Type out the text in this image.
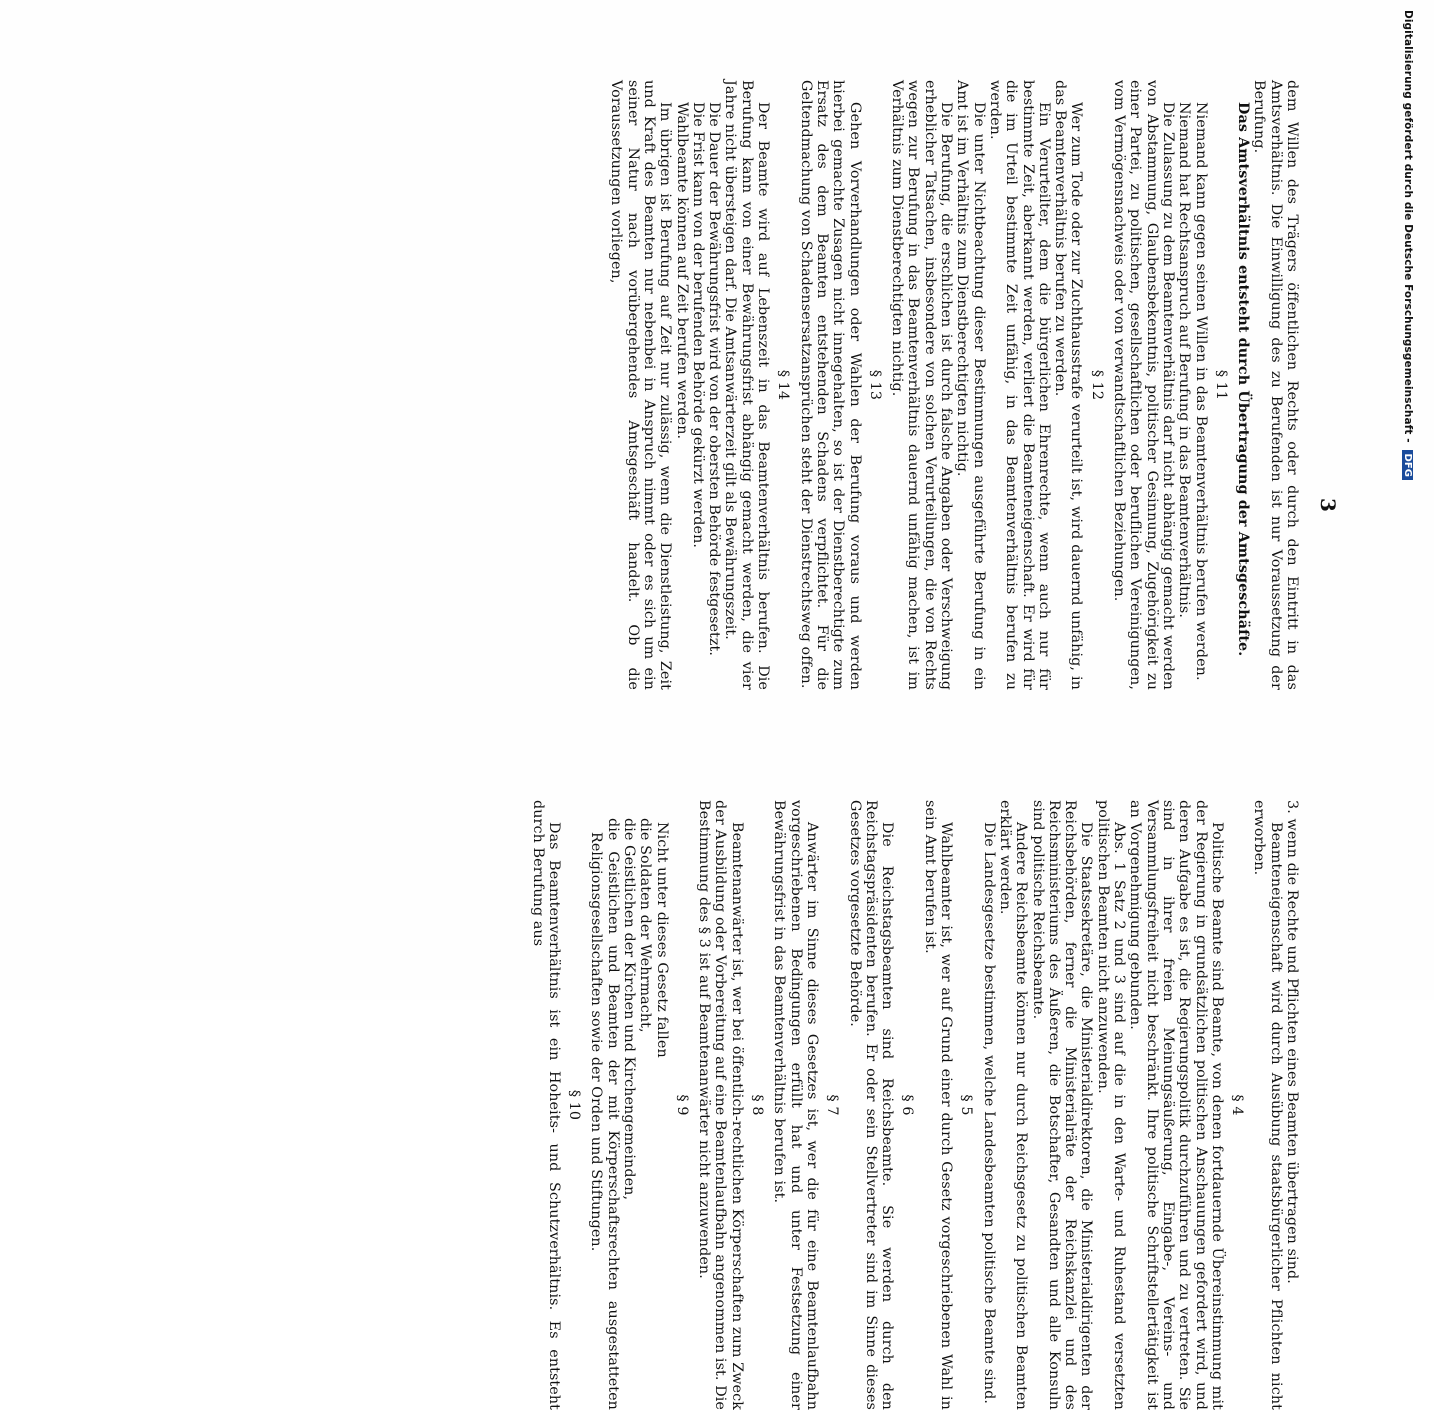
3

3. wenn die Rechte und Pflichten eines Beamten übertragen sind.

Beamteneigenschaft wird durch Ausübung staatsbürgerlicher Pflichten nicht erworben.

§ 4

Politische Beamte sind Beamte, von denen fortdauernde Übereinstimmung mit der Regierung in grundsätzlichen politischen Anschauungen gefordert wird, und deren Aufgabe es ist, die Regierungspolitik durchzuführen und zu vertreten. Sie sind in ihrer freien Meinungsäußerung, Eingabe-, Vereins- und Versammlungsfreiheit nicht beschränkt. Ihre politische Schriftstellertätigkeit ist an Vorgenehmigung gebunden.

Abs. 1 Satz 2 und 3 sind auf die in den Warte- und Ruhestand versetzten politischen Beamten nicht anzuwenden.

Die Staatssekretäre, die Ministerialdirektoren, die Ministerialdirigenten der Reichsbehörden, ferner die Ministerialräte der Reichskanzlei und des Reichsministeriums des Äußeren, die Botschafter, Gesandten und alle Konsuln sind politische Reichsbeamte.

Andere Reichsbeamte können nur durch Reichsgesetz zu politischen Beamten erklärt werden.

Die Landesgesetze bestimmen, welche Landesbeamten politische Beamte sind.

§ 5

Wahlbeamter ist, wer auf Grund einer durch Gesetz vorgeschriebenen Wahl in sein Amt berufen ist.

§ 6

Die Reichstagsbeamten sind Reichsbeamte. Sie werden durch den Reichstagspräsidenten berufen. Er oder sein Stellvertreter sind im Sinne dieses Gesetzes vorgesetzte Behörde.

§ 7

Anwärter im Sinne dieses Gesetzes ist, wer die für eine Beamtenlaufbahn vorgeschriebenen Bedingungen erfüllt hat und unter Festsetzung einer Bewährungsfrist in das Beamtenverhältnis berufen ist.

§ 8

Beamtenanwärter ist, wer bei öffentlich-rechtlichen Körperschaften zum Zweck der Ausbildung oder Vorbereitung auf eine Beamtenlaufbahn angenommen ist. Die Bestimmung des § 3 ist auf Beamtenanwärter nicht anzuwenden.

§ 9

Nicht unter dieses Gesetz fallen

die Soldaten der Wehrmacht,
die Geistlichen der Kirchen und Kirchengemeinden,
die Geistlichen und Beamten der mit Körperschaftsrechten ausgestatteten Religionsgesellschaften sowie der Orden und Stiftungen.
§ 10

Das Beamtenverhältnis ist ein Hoheits- und Schutzverhältnis. Es entsteht durch Berufung aus

dem Willen des Trägers öffentlichen Rechts oder durch den Eintritt in das Amtsverhältnis. Die Einwilligung des zu Berufenden ist nur Voraussetzung der Berufung.

Das Amtsverhältnis entsteht durch Übertragung der Amtsgeschäfte.

§ 11

Niemand kann gegen seinen Willen in das Beamtenverhältnis berufen werden.

Niemand hat Rechtsanspruch auf Berufung in das Beamtenverhältnis.

Die Zulassung zu dem Beamtenverhältnis darf nicht abhängig gemacht werden von Abstammung, Glaubensbekenntnis, politischer Gesinnung, Zugehörigkeit zu einer Partei, zu politischen, gesellschaftlichen oder beruflichen Vereinigungen, vom Vermögensnachweis oder von verwandtschaftlichen Beziehungen.

§ 12

Wer zum Tode oder zur Zuchthausstrafe verurteilt ist, wird dauernd unfähig, in das Beamtenverhältnis berufen zu werden.

Ein Verurteilter, dem die bürgerlichen Ehrenrechte, wenn auch nur für bestimmte Zeit, aberkannt werden, verliert die Beamteneigenschaft. Er wird für die im Urteil bestimmte Zeit unfähig, in das Beamtenverhältnis berufen zu werden.

Die unter Nichtbeachtung dieser Bestimmungen ausgeführte Berufung in ein Amt ist im Verhältnis zum Dienstberechtigten nichtig.

Die Berufung, die erschlichen ist durch falsche Angaben oder Verschweigung erheblicher Tatsachen, insbesondere von solchen Verurteilungen, die von Rechts wegen zur Berufung in das Beamtenverhältnis dauernd unfähig machen, ist im Verhältnis zum Dienstberechtigten nichtig.

§ 13

Gehen Vorverhandlungen oder Wahlen der Berufung voraus und werden hierbei gemachte Zusagen nicht innegehalten, so ist der Dienstberechtigte zum Ersatz des dem Beamten entstehenden Schadens verpflichtet. Für die Geltendmachung von Schadensersatzansprüchen steht der Dienstrechtsweg offen.

§ 14

Der Beamte wird auf Lebenszeit in das Beamtenverhältnis berufen. Die Berufung kann von einer Bewährungsfrist abhängig gemacht werden, die vier Jahre nicht übersteigen darf. Die Amtsanwärterzeit gilt als Bewährungszeit.

Die Dauer der Bewährungsfrist wird von der obersten Behörde festgesetzt.

Die Frist kann von der berufenden Behörde gekürzt werden.

Wahlbeamte können auf Zeit berufen werden.

Im übrigen ist Berufung auf Zeit nur zulässig, wenn die Dienstleistung, Zeit und Kraft des Beamten nur nebenbei in Anspruch nimmt oder es sich um ein seiner Natur nach vorübergehendes Amtsgeschäft handelt. Ob die Voraussetzungen vorliegen,	Digitalisierung gefördert durch die Deutsche Forschungsgemeinschaft - DFG
